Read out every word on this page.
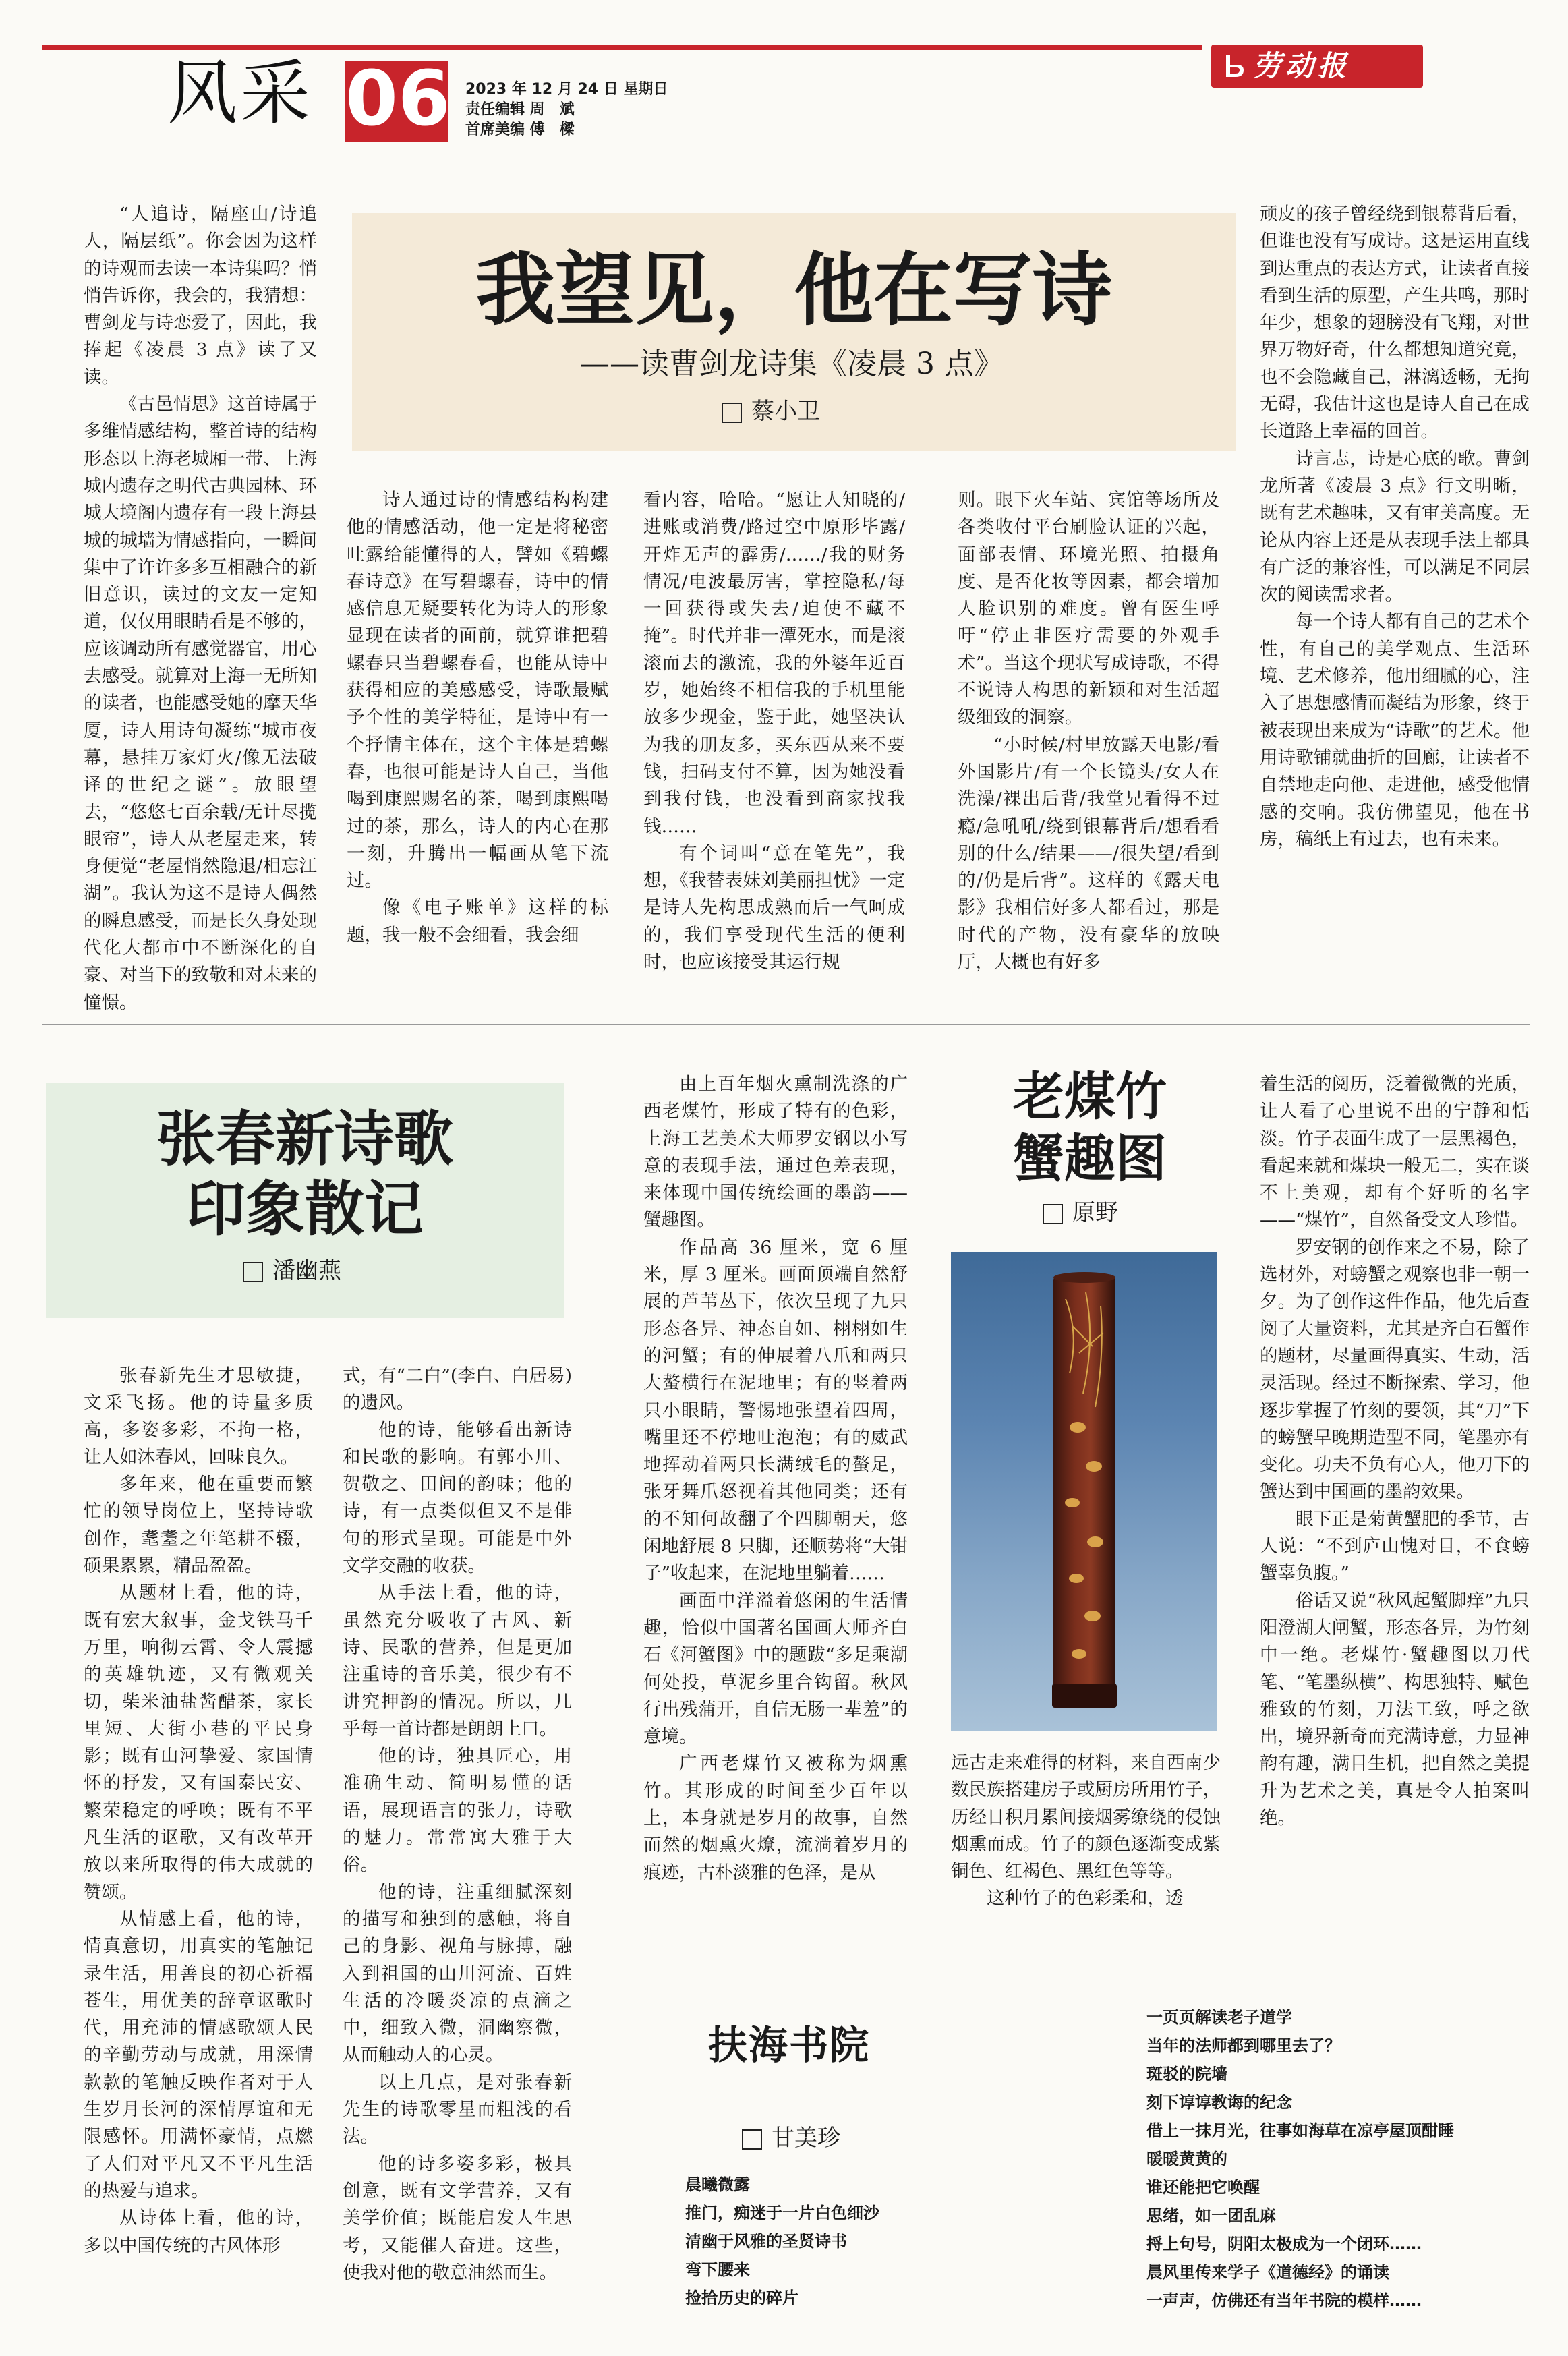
风采 06 2023 年 12 月 24 日 星期日
责任编辑 周　斌
首席美编 傅　樑
劳动报
我望见，他在写诗
——读曹剑龙诗集《凌晨 3 点》
蔡小卫

“人追诗，隔座山/诗追人，隔层纸”。你会因为这样的诗观而去读一本诗集吗？悄悄告诉你，我会的，我猜想：曹剑龙与诗恋爱了，因此，我捧起《凌晨 3 点》读了又读。

《古邑情思》这首诗属于多维情感结构，整首诗的结构形态以上海老城厢一带、上海城内遗存之明代古典园林、环城大境阁内遗存有一段上海县城的城墙为情感指向，一瞬间集中了许许多多互相融合的新旧意识，读过的文友一定知道，仅仅用眼睛看是不够的，应该调动所有感觉器官，用心去感受。就算对上海一无所知的读者，也能感受她的摩天华厦，诗人用诗句凝练“城市夜幕，悬挂万家灯火/像无法破译的世纪之谜”。放眼望去，“悠悠七百余载/无计尽揽眼帘”，诗人从老屋走来，转身便觉“老屋悄然隐退/相忘江湖”。我认为这不是诗人偶然的瞬息感受，而是长久身处现代化大都市中不断深化的自豪、对当下的致敬和对未来的憧憬。

诗人通过诗的情感结构构建他的情感活动，他一定是将秘密吐露给能懂得的人，譬如《碧螺春诗意》在写碧螺春，诗中的情感信息无疑要转化为诗人的形象显现在读者的面前，就算谁把碧螺春只当碧螺春看，也能从诗中获得相应的美感感受，诗歌最赋予个性的美学特征，是诗中有一个抒情主体在，这个主体是碧螺春，也很可能是诗人自己，当他喝到康熙赐名的茶，喝到康熙喝过的茶，那么，诗人的内心在那一刻，升腾出一幅画从笔下流过。

像《电子账单》这样的标题，我一般不会细看，我会细

看内容，哈哈。“愿让人知晓的/进账或消费/路过空中原形毕露/开炸无声的霹雳/……/我的财务情况/电波最厉害，掌控隐私/每一回获得或失去/迫使不藏不掩”。时代并非一潭死水，而是滚滚而去的激流，我的外婆年近百岁，她始终不相信我的手机里能放多少现金，鉴于此，她坚决认为我的朋友多，买东西从来不要钱，扫码支付不算，因为她没看到我付钱，也没看到商家找我钱……

有个词叫“意在笔先”，我想，《我替表妹刘美丽担忧》一定是诗人先构思成熟而后一气呵成的，我们享受现代生活的便利时，也应该接受其运行规

则。眼下火车站、宾馆等场所及各类收付平台刷脸认证的兴起，面部表情、环境光照、拍摄角度、是否化妆等因素，都会增加人脸识别的难度。曾有医生呼吁“停止非医疗需要的外观手术”。当这个现状写成诗歌，不得不说诗人构思的新颖和对生活超级细致的洞察。

“小时候/村里放露天电影/看外国影片/有一个长镜头/女人在洗澡/裸出后背/我堂兄看得不过瘾/急吼吼/绕到银幕背后/想看看别的什么/结果——/很失望/看到的/仍是后背”。这样的《露天电影》我相信好多人都看过，那是时代的产物，没有豪华的放映厅，大概也有好多

顽皮的孩子曾经绕到银幕背后看，但谁也没有写成诗。这是运用直线到达重点的表达方式，让读者直接看到生活的原型，产生共鸣，那时年少，想象的翅膀没有飞翔，对世界万物好奇，什么都想知道究竟，也不会隐藏自己，淋漓透畅，无拘无碍，我估计这也是诗人自己在成长道路上幸福的回首。

诗言志，诗是心底的歌。曹剑龙所著《凌晨 3 点》行文明晰，既有艺术趣味，又有审美高度。无论从内容上还是从表现手法上都具有广泛的兼容性，可以满足不同层次的阅读需求者。

每一个诗人都有自己的艺术个性，有自己的美学观点、生活环境、艺术修养，他用细腻的心，注入了思想感情而凝结为形象，终于被表现出来成为“诗歌”的艺术。他用诗歌铺就曲折的回廊，让读者不自禁地走向他、走进他，感受他情感的交响。我仿佛望见，他在书房，稿纸上有过去，也有未来。

张春新诗歌
印象散记
潘幽燕

张春新先生才思敏捷，文采飞扬。他的诗量多质高，多姿多彩，不拘一格，让人如沐春风，回味良久。

多年来，他在重要而繁忙的领导岗位上，坚持诗歌创作，耄耋之年笔耕不辍，硕果累累，精品盈盈。

从题材上看，他的诗，既有宏大叙事，金戈铁马千万里，响彻云霄、令人震撼的英雄轨迹，又有微观关切，柴米油盐酱醋茶，家长里短、大街小巷的平民身影；既有山河挚爱、家国情怀的抒发，又有国泰民安、繁荣稳定的呼唤；既有不平凡生活的讴歌，又有改革开放以来所取得的伟大成就的赞颂。

从情感上看，他的诗，情真意切，用真实的笔触记录生活，用善良的初心祈福苍生，用优美的辞章讴歌时代，用充沛的情感歌颂人民的辛勤劳动与成就，用深情款款的笔触反映作者对于人生岁月长河的深情厚谊和无限感怀。用满怀豪情，点燃了人们对平凡又不平凡生活的热爱与追求。

从诗体上看，他的诗，多以中国传统的古风体形

式，有“二白”(李白、白居易)的遗风。

他的诗，能够看出新诗和民歌的影响。有郭小川、贺敬之、田间的韵味；他的诗，有一点类似但又不是俳句的形式呈现。可能是中外文学交融的收获。

从手法上看，他的诗，虽然充分吸收了古风、新诗、民歌的营养，但是更加注重诗的音乐美，很少有不讲究押韵的情况。所以，几乎每一首诗都是朗朗上口。

他的诗，独具匠心，用准确生动、简明易懂的话语，展现语言的张力，诗歌的魅力。常常寓大雅于大俗。

他的诗，注重细腻深刻的描写和独到的感触，将自己的身影、视角与脉搏，融入到祖国的山川河流、百姓生活的冷暖炎凉的点滴之中，细致入微，洞幽察微，从而触动人的心灵。

以上几点，是对张春新先生的诗歌零星而粗浅的看法。

他的诗多姿多彩，极具创意，既有文学营养，又有美学价值；既能启发人生思考，又能催人奋进。这些，使我对他的敬意油然而生。

由上百年烟火熏制洗涤的广西老煤竹，形成了特有的色彩，上海工艺美术大师罗安钢以小写意的表现手法，通过色差表现，来体现中国传统绘画的墨韵——蟹趣图。

作品高 36 厘米，宽 6 厘米，厚 3 厘米。画面顶端自然舒展的芦苇丛下，依次呈现了九只形态各异、神态自如、栩栩如生的河蟹；有的伸展着八爪和两只大螯横行在泥地里；有的竖着两只小眼睛，警惕地张望着四周，嘴里还不停地吐泡泡；有的威武地挥动着两只长满绒毛的螯足，张牙舞爪怒视着其他同类；还有的不知何故翻了个四脚朝天，悠闲地舒展 8 只脚，还顺势将“大钳子”收起来，在泥地里躺着……

画面中洋溢着悠闲的生活情趣，恰似中国著名国画大师齐白石《河蟹图》中的题跋“多足乘潮何处投，草泥乡里合钩留。秋风行出残蒲开，自信无肠一辈羞”的意境。

广西老煤竹又被称为烟熏竹。其形成的时间至少百年以上，本身就是岁月的故事，自然而然的烟熏火燎，流淌着岁月的痕迹，古朴淡雅的色泽，是从

老煤竹
蟹趣图
原野

远古走来难得的材料，来自西南少数民族搭建房子或厨房所用竹子，历经日积月累间接烟雾缭绕的侵蚀烟熏而成。竹子的颜色逐渐变成紫铜色、红褐色、黑红色等等。

这种竹子的色彩柔和，透

着生活的阅历，泛着微微的光质，让人看了心里说不出的宁静和恬淡。竹子表面生成了一层黑褐色，看起来就和煤块一般无二，实在谈不上美观，却有个好听的名字——“煤竹”，自然备受文人珍惜。

罗安钢的创作来之不易，除了选材外，对螃蟹之观察也非一朝一夕。为了创作这件作品，他先后查阅了大量资料，尤其是齐白石蟹作的题材，尽量画得真实、生动，活灵活现。经过不断探索、学习，他逐步掌握了竹刻的要领，其“刀”下的螃蟹早晚期造型不同，笔墨亦有变化。功夫不负有心人，他刀下的蟹达到中国画的墨韵效果。

眼下正是菊黄蟹肥的季节，古人说：“不到庐山愧对目，不食螃蟹辜负腹。”

俗话又说“秋风起蟹脚痒”九只阳澄湖大闸蟹，形态各异，为竹刻中一绝。老煤竹·蟹趣图以刀代笔、“笔墨纵横”、构思独特、赋色雅致的竹刻，刀法工致，呼之欲出，境界新奇而充满诗意，力显神韵有趣，满目生机，把自然之美提升为艺术之美，真是令人拍案叫绝。

扶海书院
甘美珍
晨曦微露
推门，痴迷于一片白色细沙
清幽于风雅的圣贤诗书
弯下腰来
捡拾历史的碎片
一页页解读老子道学
当年的法师都到哪里去了？
斑驳的院墙
刻下谆谆教诲的纪念
借上一抹月光，往事如海草在凉亭屋顶酣睡
暖暖黄黄的
谁还能把它唤醒
思绪，如一团乱麻
捋上句号，阴阳太极成为一个闭环……
晨风里传来学子《道德经》的诵读
一声声，仿佛还有当年书院的模样……
